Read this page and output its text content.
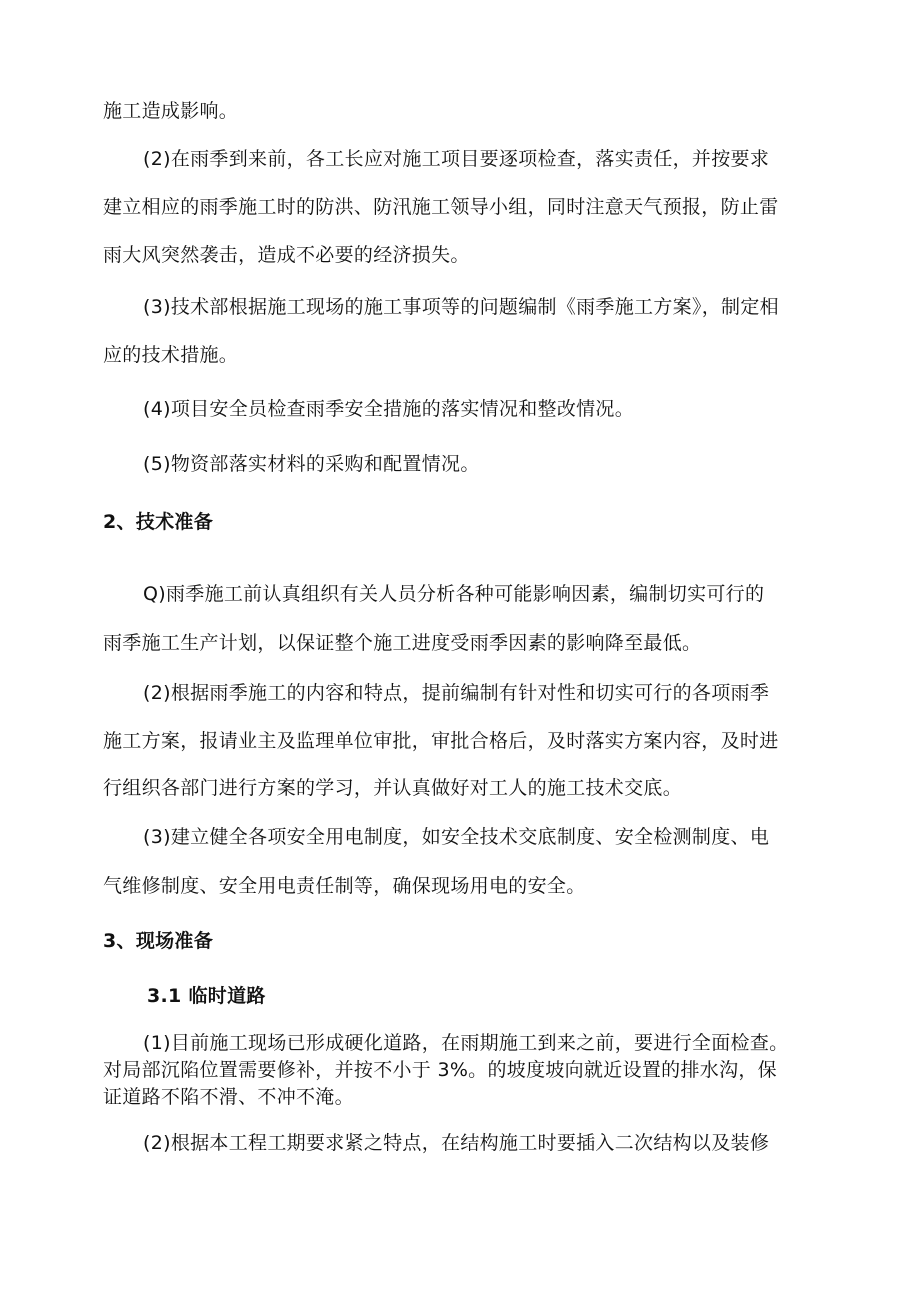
施工造成影响。
(2)在雨季到来前，各工长应对施工项目要逐项检查，落实责任，并按要求
建立相应的雨季施工时的防洪、防汛施工领导小组，同时注意天气预报，防止雷
雨大风突然袭击，造成不必要的经济损失。
(3)技术部根据施工现场的施工事项等的问题编制《雨季施工方案》，制定相
应的技术措施。
(4)项目安全员检查雨季安全措施的落实情况和整改情况。
(5)物资部落实材料的采购和配置情况。
2、技术准备
Q)雨季施工前认真组织有关人员分析各种可能影响因素，编制切实可行的
雨季施工生产计划，以保证整个施工进度受雨季因素的影响降至最低。
(2)根据雨季施工的内容和特点，提前编制有针对性和切实可行的各项雨季
施工方案，报请业主及监理单位审批，审批合格后，及时落实方案内容，及时进
行组织各部门进行方案的学习，并认真做好对工人的施工技术交底。
(3)建立健全各项安全用电制度，如安全技术交底制度、安全检测制度、电
气维修制度、安全用电责任制等，确保现场用电的安全。
3、现场准备
3.1 临时道路
(1)目前施工现场已形成硬化道路，在雨期施工到来之前，要进行全面检查。
对局部沉陷位置需要修补，并按不小于 3%。的坡度坡向就近设置的排水沟，保
证道路不陷不滑、不冲不淹。
(2)根据本工程工期要求紧之特点，在结构施工时要插入二次结构以及装修
